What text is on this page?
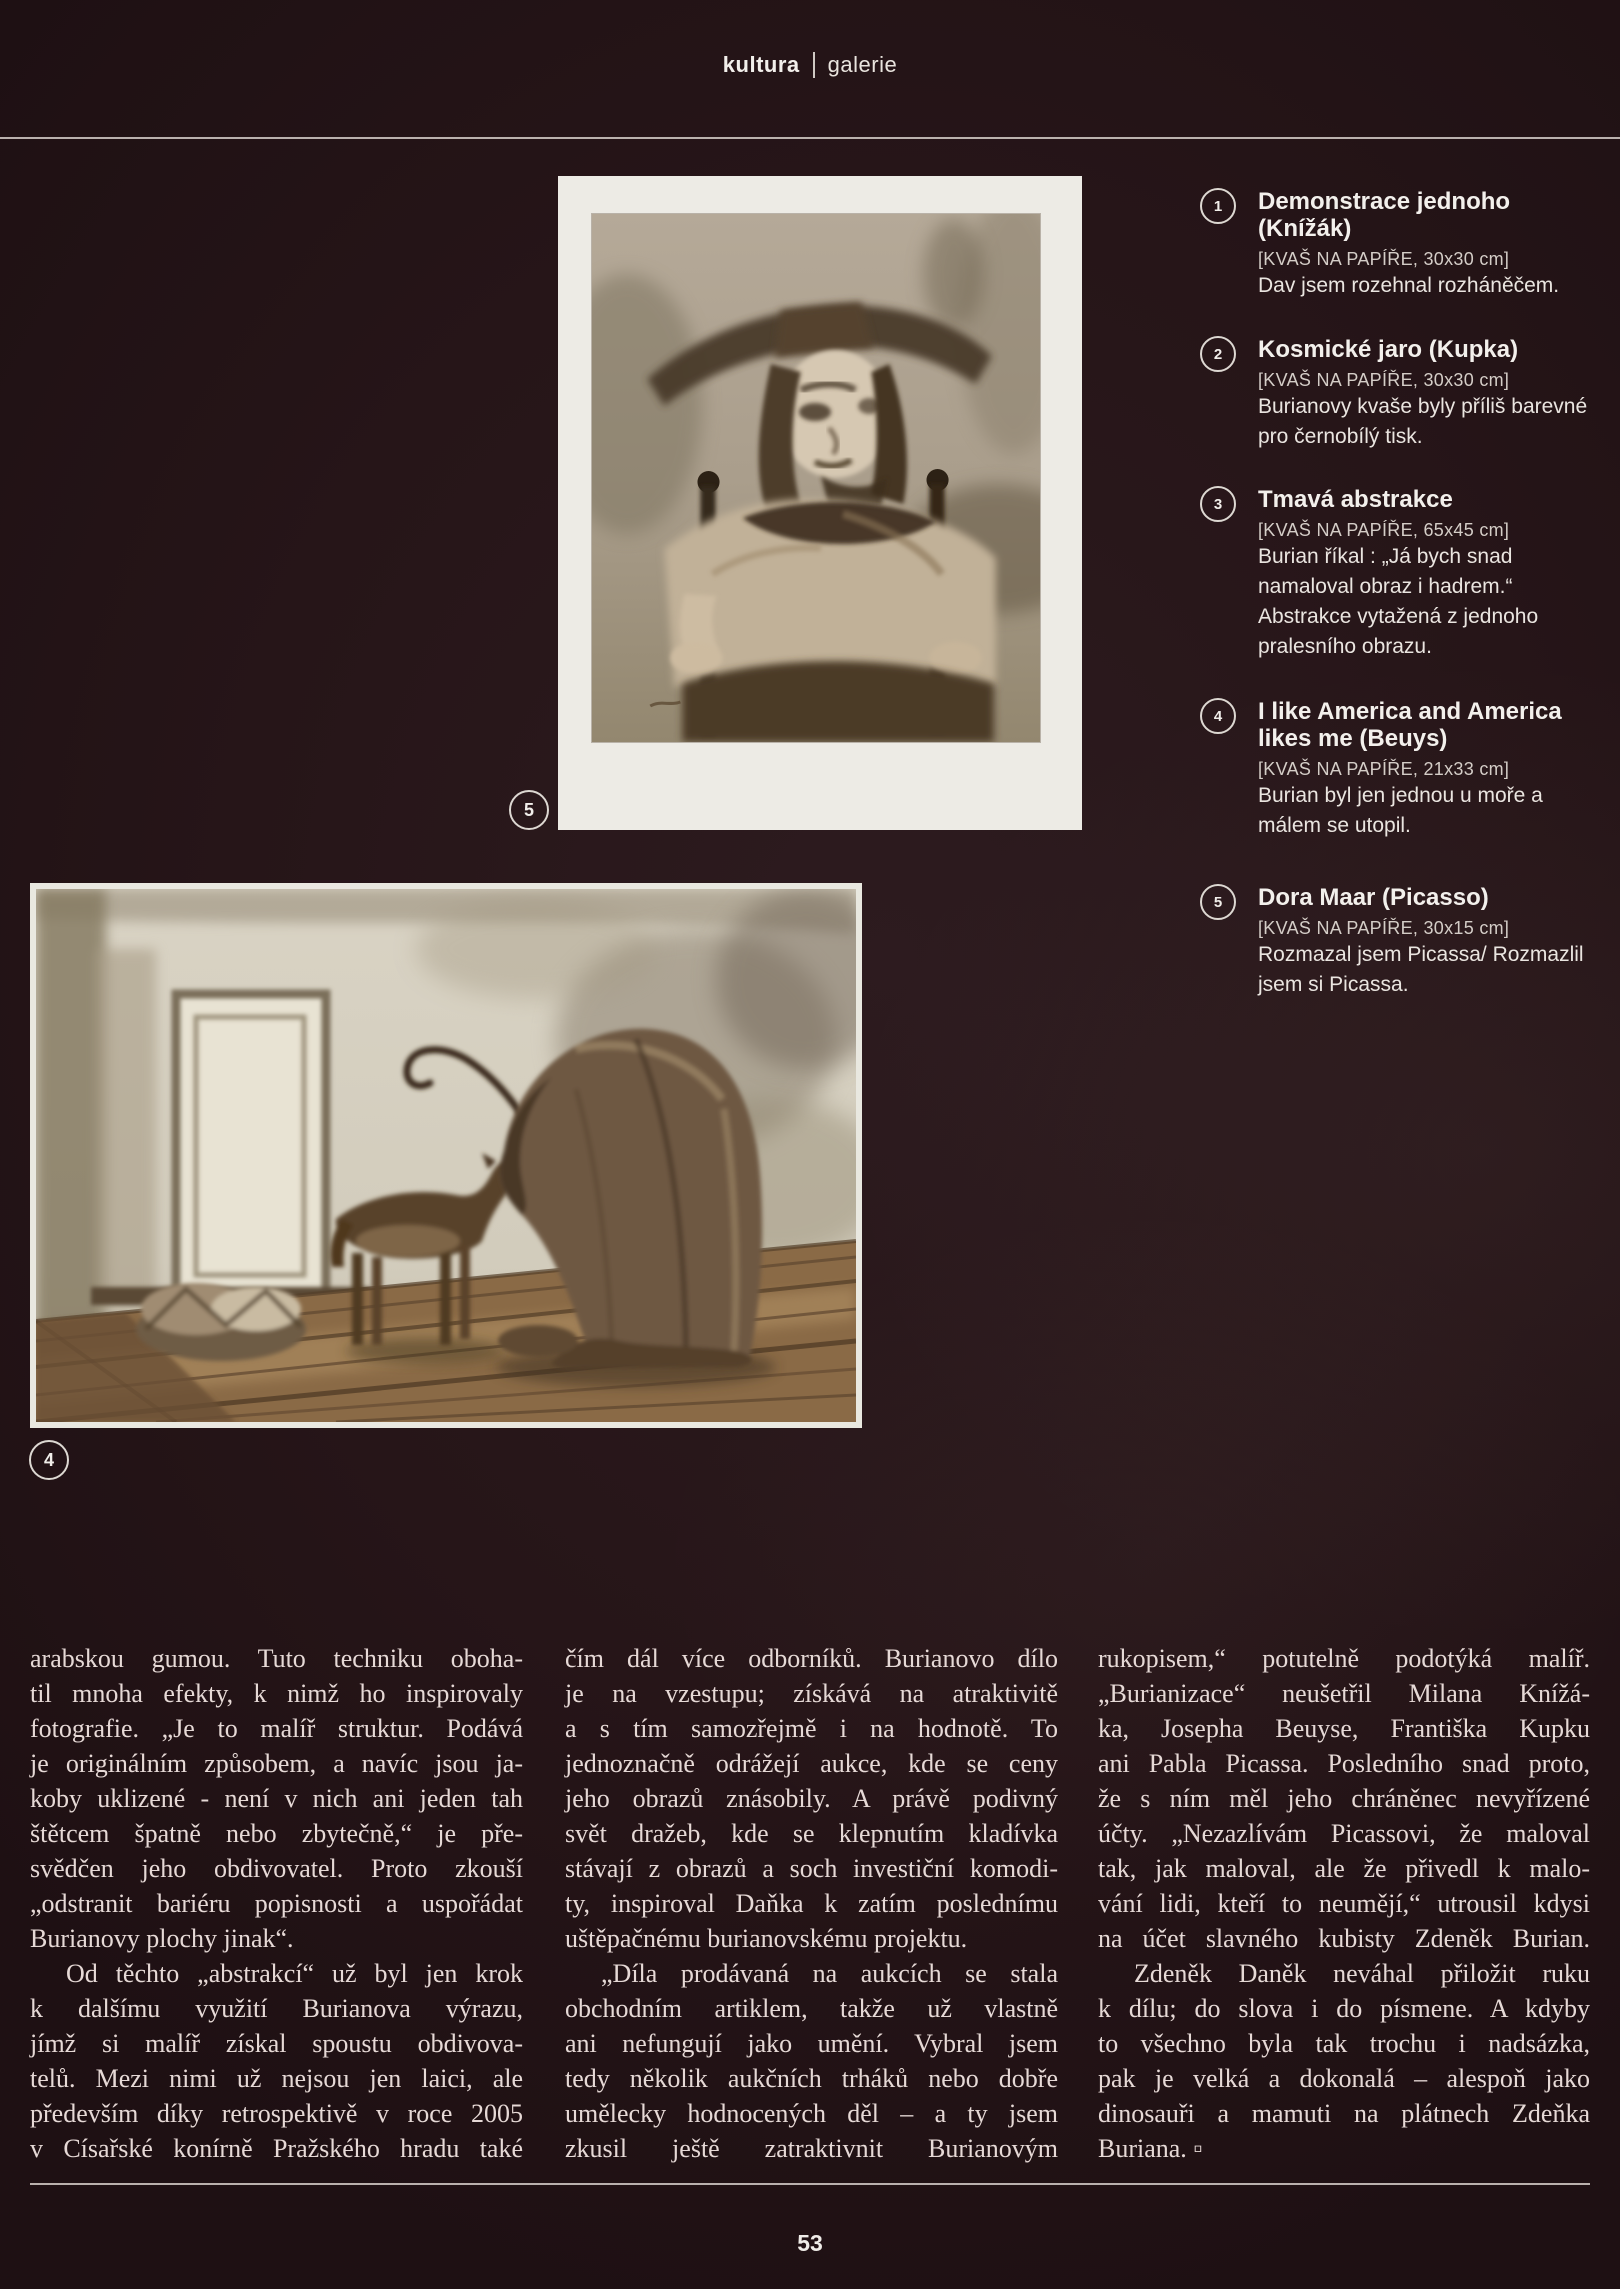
kultura galerie
5
4
1 Demonstrace jednoho (Knížák)
[KVAŠ NA PAPÍŘE, 30x30 cm]
Dav jsem rozehnal rozháněčem.
2 Kosmické jaro (Kupka)
[KVAŠ NA PAPÍŘE, 30x30 cm]
Burianovy kvaše byly příliš barevné pro černobílý tisk.
3 Tmavá abstrakce
[KVAŠ NA PAPÍŘE, 65x45 cm]
Burian říkal : „Já bych snad namaloval obraz i hadrem.“ Abstrakce vytažená z jednoho pralesního obrazu.
4 I like America and America likes me (Beuys)
[KVAŠ NA PAPÍŘE, 21x33 cm]
Burian byl jen jednou u moře a málem se utopil.
5 Dora Maar (Picasso)
[KVAŠ NA PAPÍŘE, 30x15 cm]
Rozmazal jsem Picassa/ Rozmazlil jsem si Picassa.
arabskou gumou. Tuto techniku oboha-
til mnoha efekty, k nimž ho inspirovaly
fotografie. „Je to malíř struktur. Podává
je originálním způsobem, a navíc jsou ja-
koby uklizené - není v nich ani jeden tah
štětcem špatně nebo zbytečně,“ je pře-
svědčen jeho obdivovatel. Proto zkouší
„odstranit bariéru popisnosti a uspořádat
Burianovy plochy jinak“.
Od těchto „abstrakcí“ už byl jen krok
k dalšímu využití Burianova výrazu,
jímž si malíř získal spoustu obdivova-
telů. Mezi nimi už nejsou jen laici, ale
především díky retrospektivě v roce 2005
v Císařské konírně Pražského hradu také
čím dál více odborníků. Burianovo dílo
je na vzestupu; získává na atraktivitě
a s tím samozřejmě i na hodnotě. To
jednoznačně odrážejí aukce, kde se ceny
jeho obrazů znásobily. A právě podivný
svět dražeb, kde se klepnutím kladívka
stávají z obrazů a soch investiční komodi-
ty, inspiroval Daňka k zatím poslednímu
uštěpačnému burianovskému projektu.
„Díla prodávaná na aukcích se stala
obchodním artiklem, takže už vlastně
ani nefungují jako umění. Vybral jsem
tedy několik aukčních trháků nebo dobře
umělecky hodnocených děl – a ty jsem
zkusil ještě zatraktivnit Burianovým
rukopisem,“ potutelně podotýká malíř.
„Burianizace“ neušetřil Milana Knížá-
ka, Josepha Beuyse, Františka Kupku
ani Pabla Picassa. Posledního snad proto,
že s ním měl jeho chráněnec nevyřízené
účty. „Nezazlívám Picassovi, že maloval
tak, jak maloval, ale že přivedl k malo-
vání lidi, kteří to neumějí,“ utrousil kdysi
na účet slavného kubisty Zdeněk Burian.
Zdeněk Daněk neváhal přiložit ruku
k dílu; do slova i do písmene. A kdyby
to všechno byla tak trochu i nadsázka,
pak je velká a dokonalá – alespoň jako
dinosauři a mamuti na plátnech Zdeňka
Buriana. ▫
53
